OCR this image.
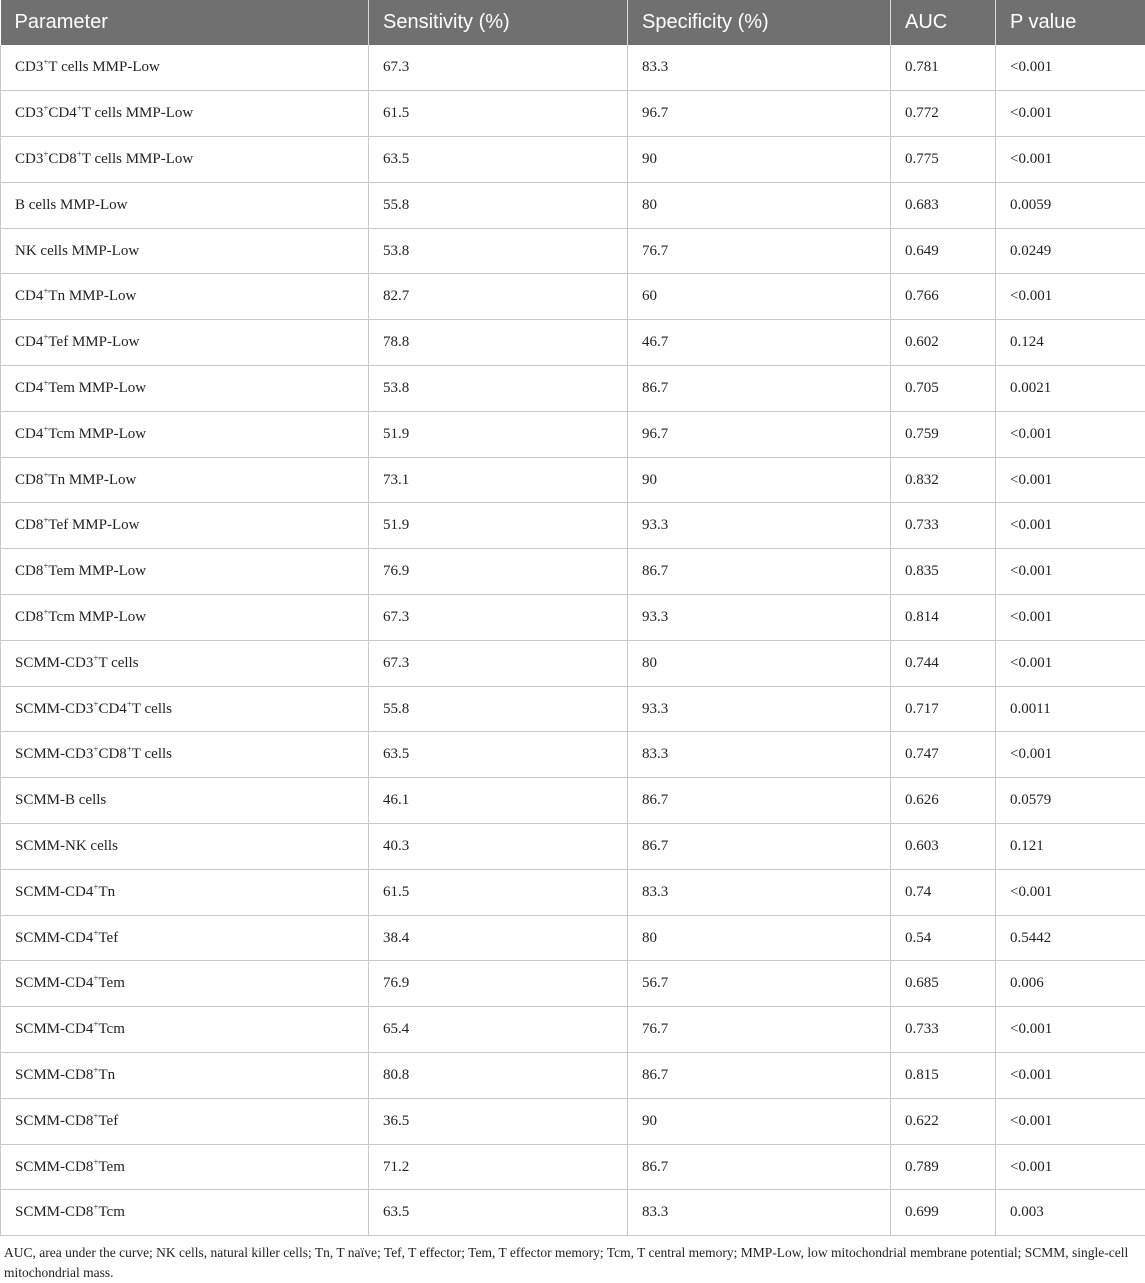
Parameter	Sensitivity (%)	Specificity (%)	AUC	P value
CD3+T cells MMP-Low	67.3	83.3	0.781	<0.001
CD3+CD4+T cells MMP-Low	61.5	96.7	0.772	<0.001
CD3+CD8+T cells MMP-Low	63.5	90	0.775	<0.001
B cells MMP-Low	55.8	80	0.683	0.0059
NK cells MMP-Low	53.8	76.7	0.649	0.0249
CD4+Tn MMP-Low	82.7	60	0.766	<0.001
CD4+Tef MMP-Low	78.8	46.7	0.602	0.124
CD4+Tem MMP-Low	53.8	86.7	0.705	0.0021
CD4+Tcm MMP-Low	51.9	96.7	0.759	<0.001
CD8+Tn MMP-Low	73.1	90	0.832	<0.001
CD8+Tef MMP-Low	51.9	93.3	0.733	<0.001
CD8+Tem MMP-Low	76.9	86.7	0.835	<0.001
CD8+Tcm MMP-Low	67.3	93.3	0.814	<0.001
SCMM-CD3+T cells	67.3	80	0.744	<0.001
SCMM-CD3+CD4+T cells	55.8	93.3	0.717	0.0011
SCMM-CD3+CD8+T cells	63.5	83.3	0.747	<0.001
SCMM-B cells	46.1	86.7	0.626	0.0579
SCMM-NK cells	40.3	86.7	0.603	0.121
SCMM-CD4+Tn	61.5	83.3	0.74	<0.001
SCMM-CD4+Tef	38.4	80	0.54	0.5442
SCMM-CD4+Tem	76.9	56.7	0.685	0.006
SCMM-CD4+Tcm	65.4	76.7	0.733	<0.001
SCMM-CD8+Tn	80.8	86.7	0.815	<0.001
SCMM-CD8+Tef	36.5	90	0.622	<0.001
SCMM-CD8+Tem	71.2	86.7	0.789	<0.001
SCMM-CD8+Tcm	63.5	83.3	0.699	0.003
AUC, area under the curve; NK cells, natural killer cells; Tn, T naïve; Tef, T effector; Tem, T effector memory; Tcm, T central memory; MMP-Low, low mitochondrial membrane potential; SCMM, single-cell mitochondrial mass.
